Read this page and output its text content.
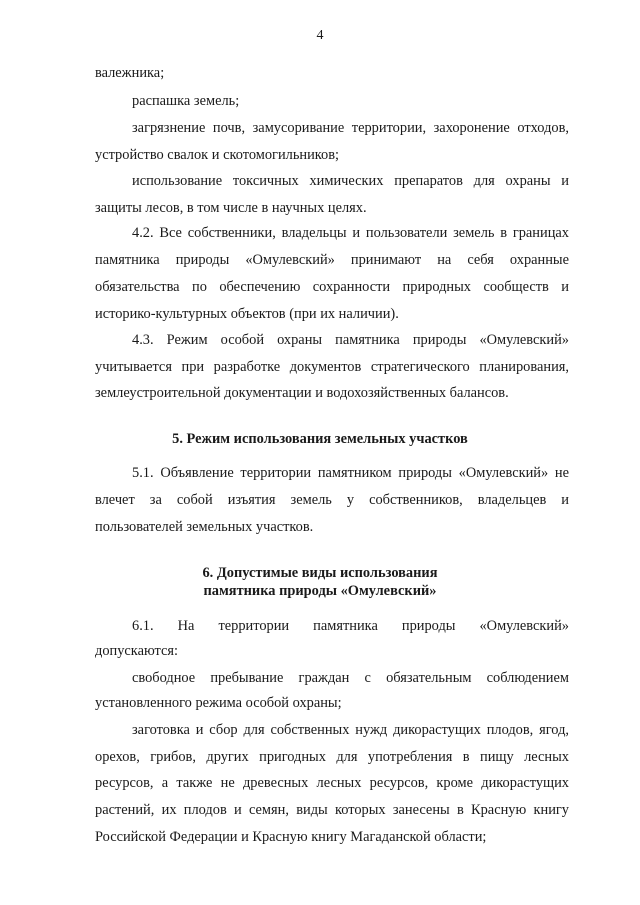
4
валежника;
распашка земель;
загрязнение почв, замусоривание территории, захоронение отходов,
устройство свалок и скотомогильников;
использование токсичных химических препаратов для охраны и
защиты лесов, в том числе в научных целях.
4.2. Все собственники, владельцы и пользователи земель в границах
памятника природы «Омулевский» принимают на себя охранные
обязательства по обеспечению сохранности природных сообществ и
историко-культурных объектов (при их наличии).
4.3. Режим особой охраны памятника природы «Омулевский»
учитывается при разработке документов стратегического планирования,
землеустроительной документации и водохозяйственных балансов.
5. Режим использования земельных участков
5.1. Объявление территории памятником природы «Омулевский» не
влечет за собой изъятия земель у собственников, владельцев и
пользователей земельных участков.
6. Допустимые виды использования
памятника природы «Омулевский»
6.1. На территории памятника природы «Омулевский»
допускаются:
свободное пребывание граждан с обязательным соблюдением
установленного режима особой охраны;
заготовка и сбор для собственных нужд дикорастущих плодов, ягод,
орехов, грибов, других пригодных для употребления в пищу лесных
ресурсов, а также не древесных лесных ресурсов, кроме дикорастущих
растений, их плодов и семян, виды которых занесены в Красную книгу
Российской Федерации и Красную книгу Магаданской области;
